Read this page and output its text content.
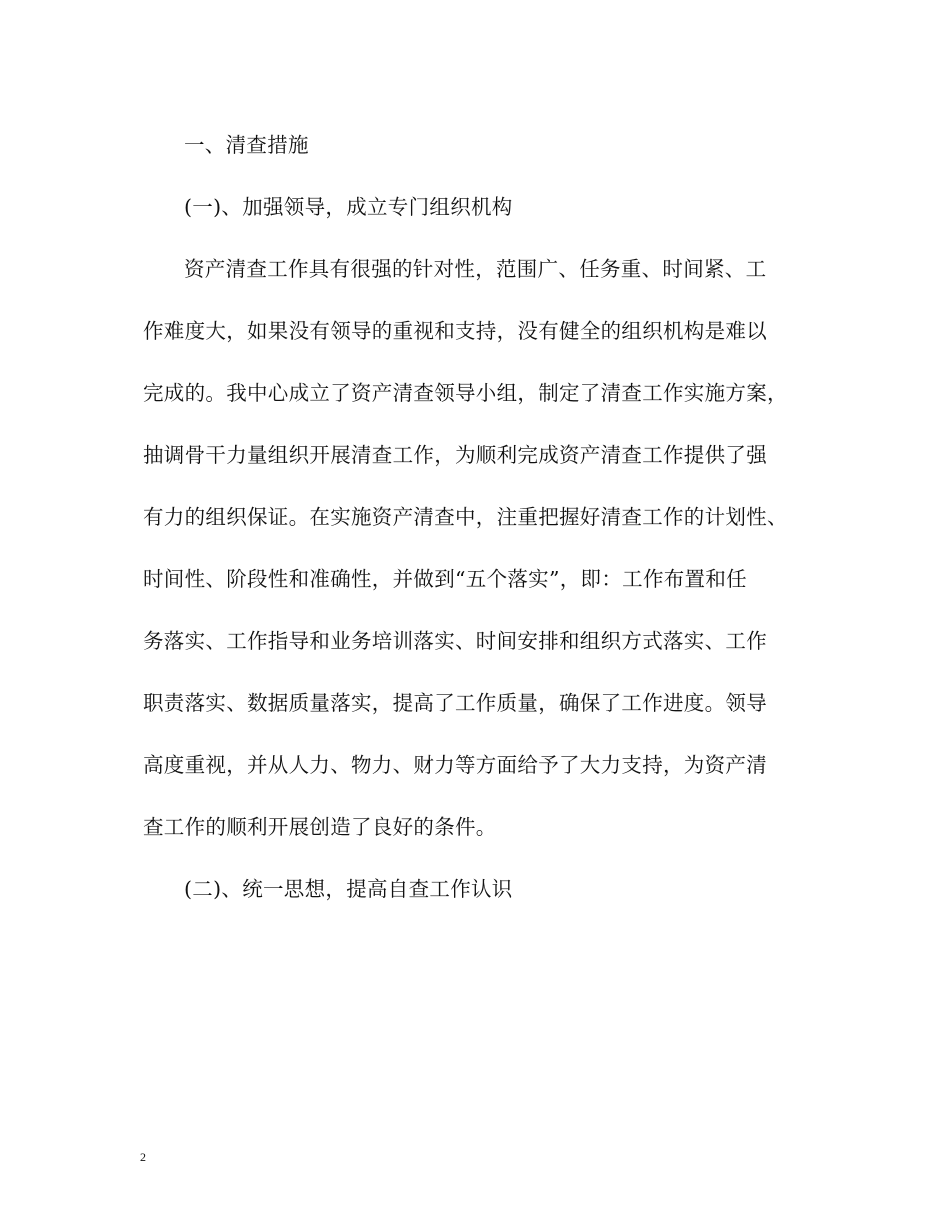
一、清查措施
(一)、加强领导，成立专门组织机构
资产清查工作具有很强的针对性，范围广、任务重、时间紧、工
作难度大，如果没有领导的重视和支持，没有健全的组织机构是难以
完成的。我中心成立了资产清查领导小组，制定了清查工作实施方案，
抽调骨干力量组织开展清查工作，为顺利完成资产清查工作提供了强
有力的组织保证。在实施资产清查中，注重把握好清查工作的计划性、
时间性、阶段性和准确性，并做到“五个落实”，即：工作布置和任
务落实、工作指导和业务培训落实、时间安排和组织方式落实、工作
职责落实、数据质量落实，提高了工作质量，确保了工作进度。领导
高度重视，并从人力、物力、财力等方面给予了大力支持，为资产清
查工作的顺利开展创造了良好的条件。
(二)、统一思想，提高自查工作认识
2
